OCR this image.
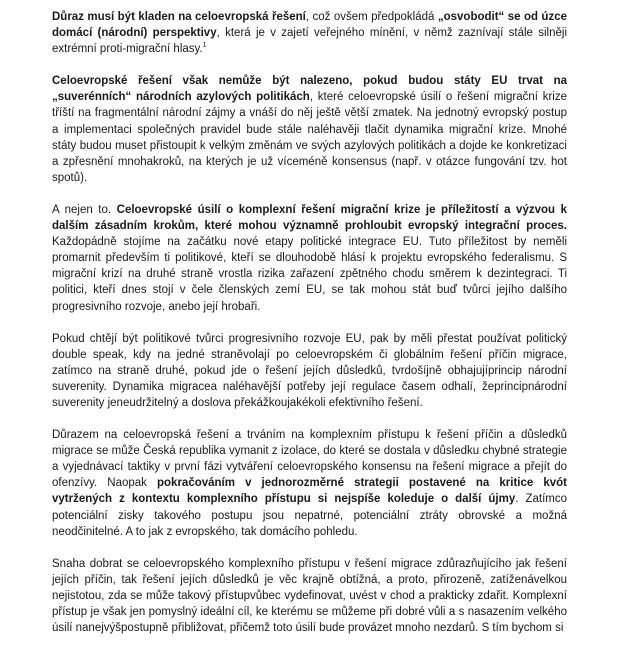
Důraz musí být kladen na celoevropská řešení, což ovšem předpokládá „osvobodit“ se od úzce domácí (národní) perspektivy, která je v zajetí veřejného mínění, v němž zaznívají stále silněji extrémní proti-migrační hlasy.$^1$

Celoevropské řešení však nemůže být nalezeno, pokud budou státy EU trvat na „suverénních“ národních azylových politikách, které celoevropské úsilí o řešení migrační krize tříští na fragmentální národní zájmy a vnáší do něj ještě větší zmatek. Na jednotný evropský postup a implementaci společných pravidel bude stále naléhavěji tlačit dynamika migrační krize. Mnohé státy budou muset přistoupit k velkým změnám ve svých azylových politikách a dojde ke konkretizaci a zpřesnění mnohakroků, na kterých je už víceméně konsensus (např. v otázce fungování tzv. hot spotů).

A nejen to. Celoevropské úsilí o komplexní řešení migrační krize je příležitostí a výzvou k dalším zásadním krokům, které mohou významně prohloubit evropský integrační proces. Každopádně stojíme na začátku nové etapy politické integrace EU. Tuto příležitost by neměli promarnit především ti politikové, kteří se dlouhodobě hlásí k projektu evropského federalismu. S migrační krizí na druhé straně vrostla rizika zařazení zpětného chodu směrem k dezintegraci. Ti politici, kteří dnes stojí v čele členských zemí EU, se tak mohou stát buď tvůrci jejího dalšího progresivního rozvoje, anebo její hrobaři.

Pokud chtějí být politikové tvůrci progresivního rozvoje EU, pak by měli přestat používat politický double speak, kdy na jedné straněvolají po celoevropském či globálním řešení příčin migrace, zatímco na straně druhé, pokud jde o řešení jejích důsledků, tvrdošíjně obhajujíprincip národní suverenity. Dynamika migracea naléhavější potřeby její regulace časem odhalí, žeprincipnárodní suverenity jeneudržitelný a doslova překážkoujakékoli efektivního řešení.

Důrazem na celoevropská řešení a trváním na komplexním přístupu k řešení příčin a důsledků migrace se může Česká republika vymanit z izolace, do které se dostala v důsledku chybné strategie a vyjednávací taktiky v první fázi vytváření celoevropského konsensu na řešení migrace a přejít do ofenzívy. Naopak pokračováním v jednorozměrné strategii postavené na kritice kvót vytržených z kontextu komplexního přístupu si nejspíše koleduje o další újmy. Zatímco potenciální zisky takového postupu jsou nepatrné, potenciální ztráty obrovské a možná neodčinitelné. A to jak z evropského, tak domácího pohledu.

Snaha dobrat se celoevropského komplexního přístupu v řešení migrace zdůrazňujícího jak řešení jejích příčin, tak řešení jejích důsledků je věc krajně obtížná, a proto, přirozeně, zatíženávelkou nejistotou, zda se může takový přístupvůbec vydefinovat, uvést v chod a prakticky zdařit. Komplexní přístup je však jen pomyslný ideální cíl, ke kterému se můžeme při dobré vůli a s nasazením velkého úsilí nanejvýšpostupně přibližovat, přičemž toto úsilí bude provázet mnoho nezdarů. S tím bychom si
